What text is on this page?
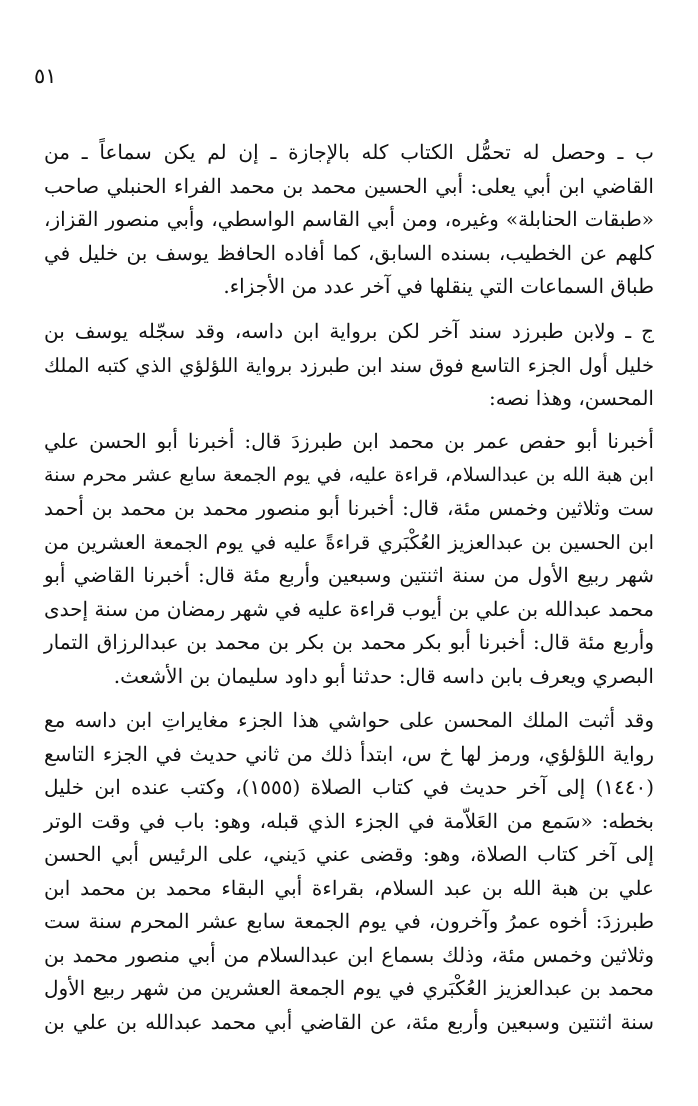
٥١
ب ـ وحصل له تحمُّل الكتاب كله بالإجازة ـ إن لم يكن سماعاً ـ من
القاضي ابن أبي يعلى: أبي الحسين محمد بن محمد الفراء الحنبلي صاحب
«طبقات الحنابلة» وغيره، ومن أبي القاسم الواسطي، وأبي منصور القزاز،
كلهم عن الخطيب، بسنده السابق، كما أفاده الحافظ يوسف بن خليل في
طباق السماعات التي ينقلها في آخر عدد من الأجزاء.
ج ـ ولابن طبرزد سند آخر لكن برواية ابن داسه، وقد سجّله يوسف بن
خليل أول الجزء التاسع فوق سند ابن طبرزد برواية اللؤلؤي الذي كتبه الملك
المحسن، وهذا نصه:
أخبرنا أبو حفص عمر بن محمد ابن طبرزدَ قال: أخبرنا أبو الحسن علي
ابن هبة الله بن عبدالسلام، قراءة عليه، في يوم الجمعة سابع عشر محرم سنة
ست وثلاثين وخمس مئة، قال: أخبرنا أبو منصور محمد بن محمد بن أحمد
ابن الحسين بن عبدالعزيز العُكْبَري قراءةً عليه في يوم الجمعة العشرين من
شهر ربيع الأول من سنة اثنتين وسبعين وأربع مئة قال: أخبرنا القاضي أبو
محمد عبدالله بن علي بن أيوب قراءة عليه في شهر رمضان من سنة إحدى
وأربع مئة قال: أخبرنا أبو بكر محمد بن بكر بن محمد بن عبدالرزاق التمار
البصري ويعرف بابن داسه قال: حدثنا أبو داود سليمان بن الأشعث.
وقد أثبت الملك المحسن على حواشي هذا الجزء مغايراتِ ابن داسه مع
رواية اللؤلؤي، ورمز لها خ س، ابتدأ ذلك من ثاني حديث في الجزء التاسع
(١٤٤٠) إلى آخر حديث في كتاب الصلاة (١٥٥٥)، وكتب عنده ابن خليل
بخطه: «سَمع من العَلاّمة في الجزء الذي قبله، وهو: باب في وقت الوتر
إلى آخر كتاب الصلاة، وهو: وقضى عني دَيني، على الرئيس أبي الحسن
علي بن هبة الله بن عبد السلام، بقراءة أبي البقاء محمد بن محمد ابن
طبرزدَ: أخوه عمرُ وآخرون، في يوم الجمعة سابع عشر المحرم سنة ست
وثلاثين وخمس مئة، وذلك بسماع ابن عبدالسلام من أبي منصور محمد بن
محمد بن عبدالعزيز العُكْبَري في يوم الجمعة العشرين من شهر ربيع الأول
سنة اثنتين وسبعين وأربع مئة، عن القاضي أبي محمد عبدالله بن علي بن
